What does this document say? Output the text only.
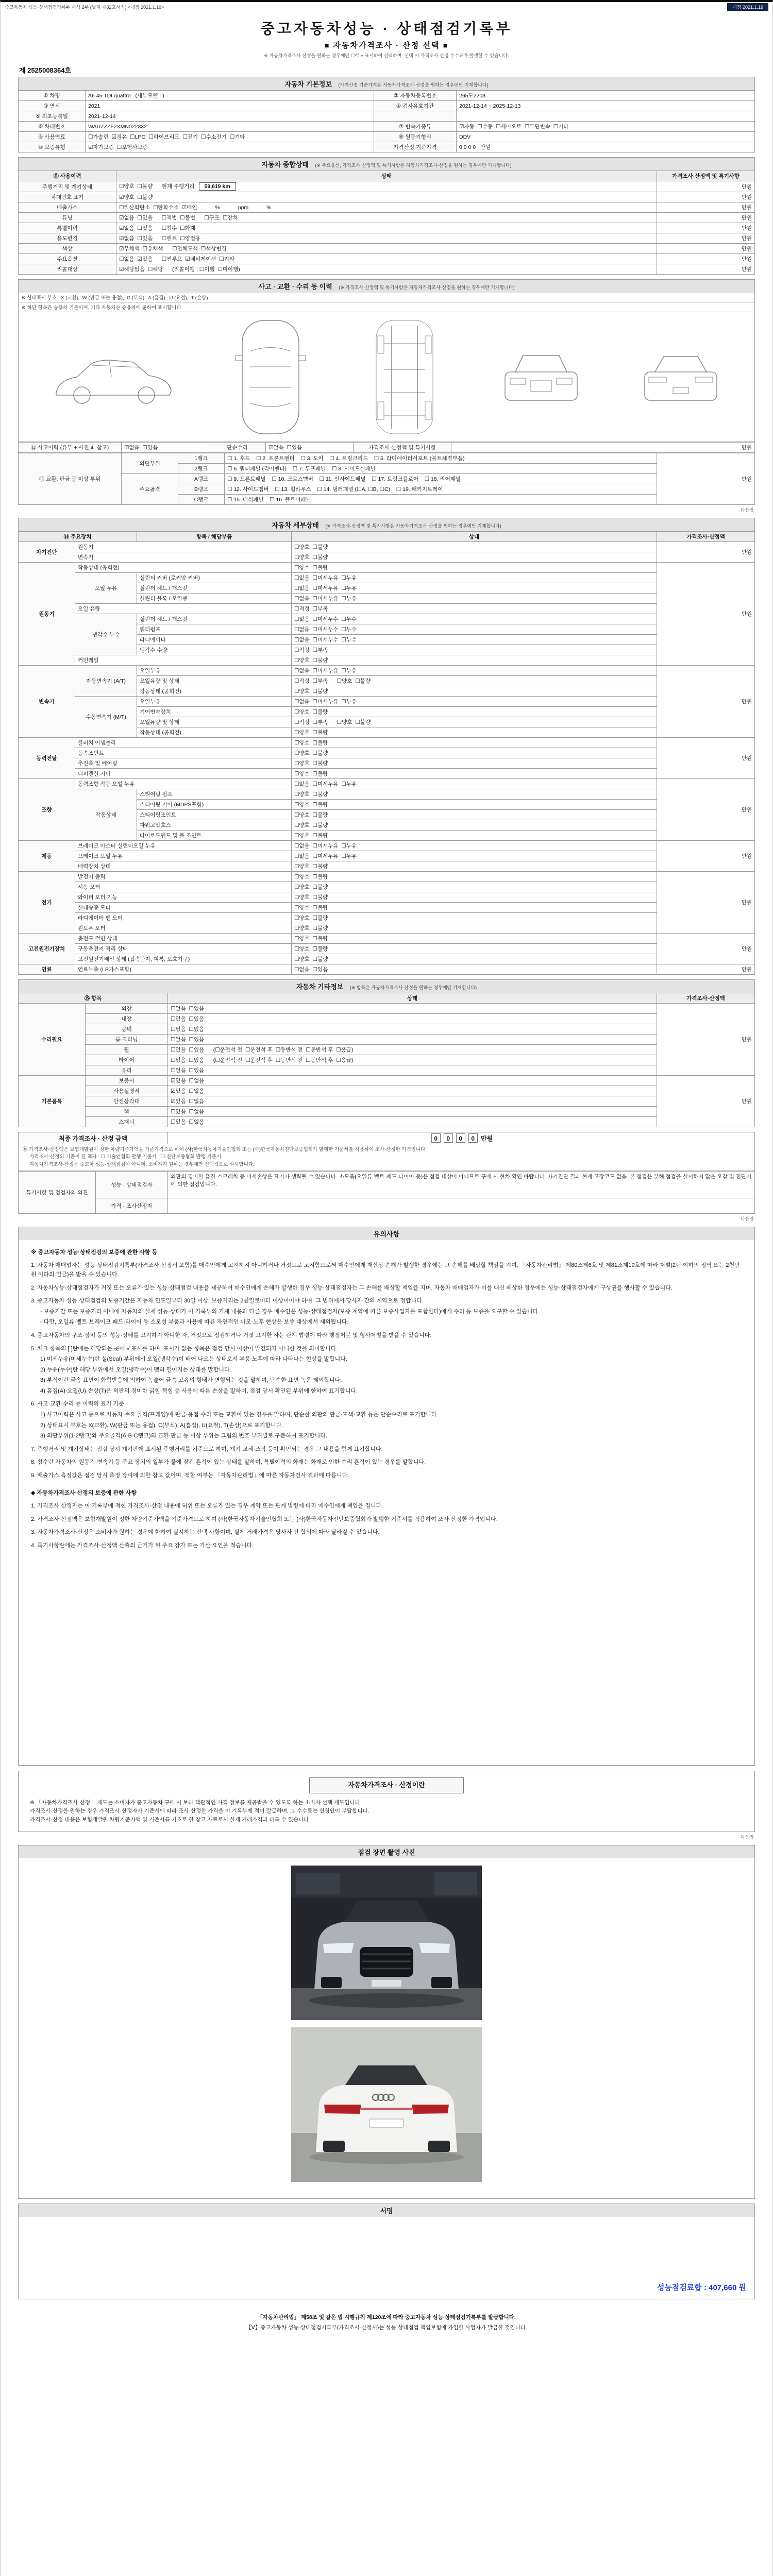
중고자동차 성능·상태점검기록부 서식 2부 (별지 제82호서식) <개정 2021.1.19>	개정 2021.1.19
중고자동차성능 · 상태점검기록부
■ 자동차가격조사 · 산정 선택 ■
※ 자동차가격조사·산정을 원하는 경우에만 ☐에 √ 표시하여 선택하며, 선택 시 가격조사·산정 수수료가 발생할 수 있습니다.
제 2525008364호
자동차 기본정보 (가격산정 기준가격은 자동차가격조사·산정을 원하는 경우에만 기재합니다)
① 차명	A6 45 TDI quattro   (세부모델 : )	② 자동차등록번호	265도2203
③ 연식	2021	④ 검사유효기간	2021-12-14 ~ 2025-12-13
⑤ 최초등록일	2021-12-14		
⑥ 차대번호	WAUZZZF2XMN022332	⑦ 변속기종류	☑자동  ☐수동  ☐세미오토  ☐무단변속  ☐기타
⑧ 사용연료	☐가솔린  ☑경유  ☐LPG  ☐하이브리드  ☐전기  ☐수소전기  ☐기타	⑨ 원동기형식	DDV
⑩ 보증유형	☑자가보증  ☐보험사보증	가격산정 기준가격	0 0 0 0   만원
자동차 종합상태 (※ 주요옵션, 가격조사·산정액 및 특기사항은 자동차가격조사·산정을 원하는 경우에만 기재합니다)
⑪ 사용이력	상태	가격조사·산정액 및 특기사항
주행거리 및 계기상태	☐양호  ☐불량      현재 주행거리 59,619 km	만원
차대번호 표기	☑양호  ☐불량	만원
배출가스	☐일산화탄소  ☐탄화수소  ☑매연            %            ppm            %	만원
튜닝	☑없음  ☐있음      ☐적법  ☐불법      ☐구조  ☐장치	만원
특별이력	☑없음  ☐있음      ☐침수  ☐화재	만원
용도변경	☑없음  ☐있음      ☐렌트  ☐영업용	만원
색상	☑무채색  ☐유채색      ☐전체도색  ☐색상변경	만원
주요옵션	☐없음  ☑있음      ☐썬루프  ☑네비게이션  ☐기타	만원
리콜대상	☑해당없음  ☐해당      (리콜이행 : ☐이행  ☐미이행)	만원
사고 · 교환 · 수리 등 이력 (※ 가격조사·산정액 및 특기사항은 자동차가격조사·산정을 원하는 경우에만 기재합니다)
※ 상태표시 부호 : X (교환),  W (판금 또는 용접),  C (부식),  A (흠집),  U (요철),  T (손상)
※ 하단 항목은 승용차 기준이며, 기타 자동차는 승용차에 준하여 표시합니다.
⑫ 사고이력 (유무 + 사진 4. 참고)	☑없음  ☐있음	단순수리	☑없음  ☐있음	가격조사·산정액 및 특기사항	만원
⑬ 교환, 판금 등 이상 부위	외판부위	1랭크	☐ 1. 후드    ☐ 2. 프론트펜더    ☐ 3. 도어    ☐ 4. 트렁크리드    ☐ 5. 라디에이터서포트 (볼트체결부품)	만원
		2랭크	☐ 6. 쿼터패널 (리어펜더)    ☐ 7. 루프패널    ☐ 8. 사이드실패널	
	주요골격	A랭크	☐ 9. 프론트패널    ☐ 10. 크로스멤버    ☐ 11. 인사이드패널    ☐ 17. 트렁크플로어    ☐ 18. 리어패널	
		B랭크	☐ 12. 사이드멤버    ☐ 13. 휠하우스    ☐ 14. 필러패널 (☐A, ☐B, ☐C)    ☐ 19. 패키지트레이	
		C랭크	☐ 15. 대쉬패널    ☐ 16. 플로어패널	
다음장
자동차 세부상태 (※ 가격조사·산정액 및 특기사항은 자동차가격조사·산정을 원하는 경우에만 기재합니다)
⑭ 주요장치		항목 / 해당부품	상태	가격조사·산정액
자기진단	원동기		☐양호  ☐불량	만원
	변속기		☐양호  ☐불량	
원동기	작동상태 (공회전)		☐양호  ☐불량	만원
	오일 누유	실린더 커버 (로커암 커버)	☐없음  ☐미세누유  ☐누유	
		실린더 헤드 / 개스킷	☐없음  ☐미세누유  ☐누유	
		실린더 블록 / 오일팬	☐없음  ☐미세누유  ☐누유	
	오일 유량		☐적정  ☐부족	
	냉각수 누수	실린더 헤드 / 개스킷	☐없음  ☐미세누수  ☐누수	
		워터펌프	☐없음  ☐미세누수  ☐누수	
		라디에이터	☐없음  ☐미세누수  ☐누수	
		냉각수 수량	☐적정  ☐부족	
	커먼레일		☐양호  ☐불량	
변속기	자동변속기 (A/T)	오일누유	☐없음  ☐미세누유  ☐누유	만원
		오일유량 및 상태	☐적정  ☐부족      ☐양호  ☐불량	
		작동상태 (공회전)	☐양호  ☐불량	
	수동변속기 (M/T)	오일누유	☐없음  ☐미세누유  ☐누유	
		기어변속장치	☐양호  ☐불량	
		오일유량 및 상태	☐적정  ☐부족      ☐양호  ☐불량	
		작동상태 (공회전)	☐양호  ☐불량	
동력전달	클러치 어셈블리		☐양호  ☐불량	만원
	등속조인트		☐양호  ☐불량	
	추진축 및 베어링		☐양호  ☐불량	
	디퍼렌셜 기어		☐양호  ☐불량	
조향	동력조향 작동 오일 누유		☐없음  ☐미세누유  ☐누유	만원
	작동상태	스티어링 펌프	☐양호  ☐불량	
		스티어링 기어 (MDPS포함)	☐양호  ☐불량	
		스티어링조인트	☐양호  ☐불량	
		파워고압호스	☐양호  ☐불량	
		타이로드엔드 및 볼 조인트	☐양호  ☐불량	
제동	브레이크 마스터 실린더오일 누유		☐없음  ☐미세누유  ☐누유	만원
	브레이크 오일 누유		☐없음  ☐미세누유  ☐누유	
	배력장치 상태		☐양호  ☐불량	
전기	발전기 출력		☐양호  ☐불량	만원
	시동 모터		☐양호  ☐불량	
	와이퍼 모터 기능		☐양호  ☐불량	
	실내송풍 모터		☐양호  ☐불량	
	라디에이터 팬 모터		☐양호  ☐불량	
	윈도우 모터		☐양호  ☐불량	
고전원전기장치	충전구 절연 상태		☐양호  ☐불량	만원
	구동축전지 격리 상태		☐양호  ☐불량	
	고전원전기배선 상태 (접속단자, 피복, 보호기구)		☐양호  ☐불량	
연료	연료누출 (LP가스포함)		☐없음  ☐있음	만원
자동차 기타정보 (※ 항목은 자동차가격조사·산정을 원하는 경우에만 기재합니다)
⑮ 항목		상태	가격조사·산정액
수리필요	외장	☐없음  ☐있음	만원
	내장	☐없음  ☐있음	
	광택	☐없음  ☐있음	
	룸 크리닝	☐없음  ☐있음	
	휠	☐없음  ☐있음      (☐운전석 전  ☐운전석 후  ☐동반석 전  ☐동반석 후  ☐응급)	
	타이어	☐없음  ☐있음      (☐운전석 전  ☐운전석 후  ☐동반석 전  ☐동반석 후  ☐응급)	
	유리	☐없음  ☐있음	
기본품목	보증서	☑있음  ☐없음	만원
	사용설명서	☑있음  ☐없음	
	안전삼각대	☑있음  ☐없음	
	잭	☐있음  ☐없음	
	스패너	☐있음  ☐없음	
최종 가격조사 · 산정 금액	0 0 0 0 만원
⑯ 가격조사·산정액은 보험개발원이 정한 차량기준가액을 기준가격으로 하여 (사)한국자동차기술인협회 또는 (사)한국자동차진단보증협회가 발행한 기준서를 적용하여 조사·산정한 가격입니다.
가격조사·산정의 기준이 된 책자 : ☐ 기술인협회 발행 기준서   ☐ 진단보증협회 발행 기준서
자동차가격조사·산정은 중고차 성능·상태점검이 아니며, 소비자가 원하는 경우에만 선택적으로 실시합니다.
특기사항 및 점검자의 의견	성능 · 상태점검자	외판의 경미한 흠집·스크래치 등 미세손상은 표기가 생략될 수 있습니다. 소모품(오일류·벨트·패드·타이어 등)은 점검 대상이 아니므로 구매 시 현차 확인 바랍니다. 자기진단 결과 현재 고장코드 없음. 본 점검은 분해 점검을 실시하지 않은 오감 및 진단기에 의한 점검입니다.
	가격 · 조사산정자	
다음장
유의사항
※ 중고자동차 성능·상태점검의 보증에 관한 사항 등
1. 자동차 매매업자는 성능·상태점검기록부(가격조사·산정서 포함)를 매수인에게 고지하지 아니하거나 거짓으로 고지함으로써 매수인에게 재산상 손해가 발생한 경우에는 그 손해를 배상할 책임을 지며, 「자동차관리법」 제80조제6호 및 제81조제19호에 따라 처벌(2년 이하의 징역 또는 2천만원 이하의 벌금)을 받을 수 있습니다.
2. 자동차성능·상태점검자가 거짓 또는 오류가 있는 성능·상태점검 내용을 제공하여 매수인에게 손해가 발생한 경우 성능·상태점검자는 그 손해를 배상할 책임을 지며, 자동차 매매업자가 이를 대신 배상한 경우에는 성능·상태점검자에게 구상권을 행사할 수 있습니다.
3. 중고자동차 성능·상태점검의 보증기간은 자동차 인도일부터 30일 이상, 보증거리는 2천킬로미터 이상이어야 하며, 그 범위에서 당사자 간의 계약으로 정합니다.
- 보증기간 또는 보증거리 이내에 자동차의 실제 성능·상태가 이 기록부의 기재 내용과 다른 경우 매수인은 성능·상태점검자(보증 계약에 따른 보증사업자를 포함한다)에게 수리 등 보증을 요구할 수 있습니다.
- 다만, 오일류·벨트·브레이크 패드·타이어 등 소모성 부품과 사용에 따른 자연적인 마모·노후 현상은 보증 대상에서 제외됩니다.
4. 중고자동차의 구조·장치 등의 성능·상태를 고지하지 아니한 자, 거짓으로 점검하거나 거짓 고지한 자는 관계 법령에 따라 행정처분 및 형사처벌을 받을 수 있습니다.
5. 체크 항목의 [ ]란에는 해당되는 곳에 √ 표시를 하며, 표시가 없는 항목은 점검 당시 이상이 발견되지 아니한 것을 의미합니다.
1) 미세누유(미세누수)란 실(Seal) 부위에서 오일(냉각수)이 배어 나오는 상태로서 부품 노후에 따라 나타나는 현상을 말합니다.
2) 누유(누수)란 해당 부위에서 오일(냉각수)이 맺혀 떨어지는 상태를 말합니다.
3) 부식이란 금속 표면이 화학반응에 의하여 녹슬어 금속 고유의 형태가 변형되는 것을 말하며, 단순한 표면 녹은 제외합니다.
4) 흠집(A)·요철(U)·손상(T)은 외판의 경미한 긁힘·찍힘 등 사용에 따른 손상을 말하며, 점검 당시 확인된 부위에 한하여 표기합니다.
6. 사고·교환·수리 등 이력의 표기 기준
1) 사고이력은 사고 등으로 자동차 주요 골격(프레임)에 판금·용접 수리 또는 교환이 있는 경우를 말하며, 단순한 외판의 판금·도색·교환 등은 단순수리로 표기합니다.
2) 상태표시 부호는 X(교환), W(판금 또는 용접), C(부식), A(흠집), U(요철), T(손상)으로 표기합니다.
3) 외판부위(1·2랭크)와 주요골격(A·B·C랭크)의 교환·판금 등 이상 부위는 그림의 번호 부위별로 구분하여 표기합니다.
7. 주행거리 및 계기상태는 점검 당시 계기판에 표시된 주행거리를 기준으로 하며, 계기 교체·조작 등이 확인되는 경우 그 내용을 함께 표기합니다.
8. 침수란 자동차의 원동기·변속기 등 주요 장치의 일부가 물에 잠긴 흔적이 있는 상태를 말하며, 특별이력의 화재는 화재로 인한 수리 흔적이 있는 경우를 말합니다.
9. 배출가스 측정값은 점검 당시 측정 장비에 의한 참고 값이며, 적합 여부는 「자동차관리법」에 따른 자동차검사 결과에 따릅니다.
◆ 자동차가격조사·산정의 보증에 관한 사항
1. 가격조사·산정자는 이 기록부에 적힌 가격조사·산정 내용에 허위 또는 오류가 있는 경우 계약 또는 관계 법령에 따라 매수인에게 책임을 집니다.
2. 가격조사·산정액은 보험개발원이 정한 차량기준가액을 기준가격으로 하여 (사)한국자동차기술인협회 또는 (사)한국자동차진단보증협회가 발행한 기준서를 적용하여 조사·산정한 가격입니다.
3. 자동차가격조사·산정은 소비자가 원하는 경우에 한하여 실시하는 선택 사항이며, 실제 거래가격은 당사자 간 합의에 따라 달라질 수 있습니다.
4. 특기사항란에는 가격조사·산정액 산출의 근거가 된 주요 감가 또는 가산 요인을 적습니다.
자동차가격조사 · 산정이란
※ 「자동차가격조사·산정」 제도는 소비자가 중고자동차 구매 시 보다 객관적인 가격 정보를 제공받을 수 있도록 하는 소비자 선택 제도입니다.
가격조사·산정을 원하는 경우 가격조사·산정자가 기준서에 따라 조사·산정한 가격을 이 기록부에 적어 발급하며, 그 수수료는 신청인이 부담합니다.
가격조사·산정 내용은 보험개발원 차량기준가액 및 기준서를 기초로 한 참고 자료로서 실제 거래가격과 다를 수 있습니다.
다음장
점검 장면 촬영 사진
서명
성능점검료합 : 407,660 원
「자동차관리법」 제58조 및 같은 법 시행규칙 제120조에 따라 중고자동차 성능·상태점검기록부를 발급합니다.
【Ⅴ】중고자동차 성능·상태점검기록부(가격조사·산정서)는 성능·상태점검 책임보험에 가입한 사업자가 발급한 것입니다.
